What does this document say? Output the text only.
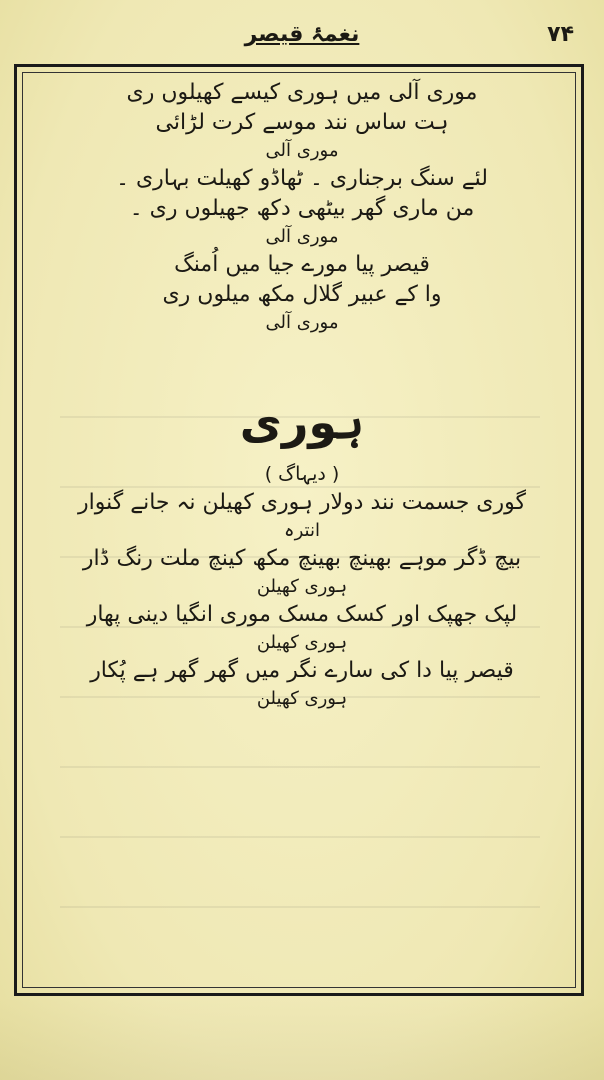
۷۴
نغمۂ قیصر
موری آلی میں ہوری کیسے کھیلوں ری
ہت ساس نند موسے کرت لڑائی
موری آلی
لئے سنگ برجناری ۔ ٹھاڈو کھیلت بہاری ۔
من ماری گھر بیٹھی دکھ جھیلوں ری ۔
موری آلی
قیصر پیا مورے جیا میں اُمنگ
وا کے عبیر گلال مکھ میلوں ری
موری آلی
ہوری
( دیہاگ )
گوری جسمت نند دولار ہوری کھیلن نہ جانے گنوار
انترہ
بیچ ڈگر موہے بھینچ بھینچ مکھ کینچ ملت رنگ ڈار
ہوری کھیلن
لپک جھپک اور کسک مسک موری انگیا دینی پھار
ہوری کھیلن
قیصر پیا دا کی سارے نگر میں گھر گھر ہے پُکار
ہوری کھیلن
